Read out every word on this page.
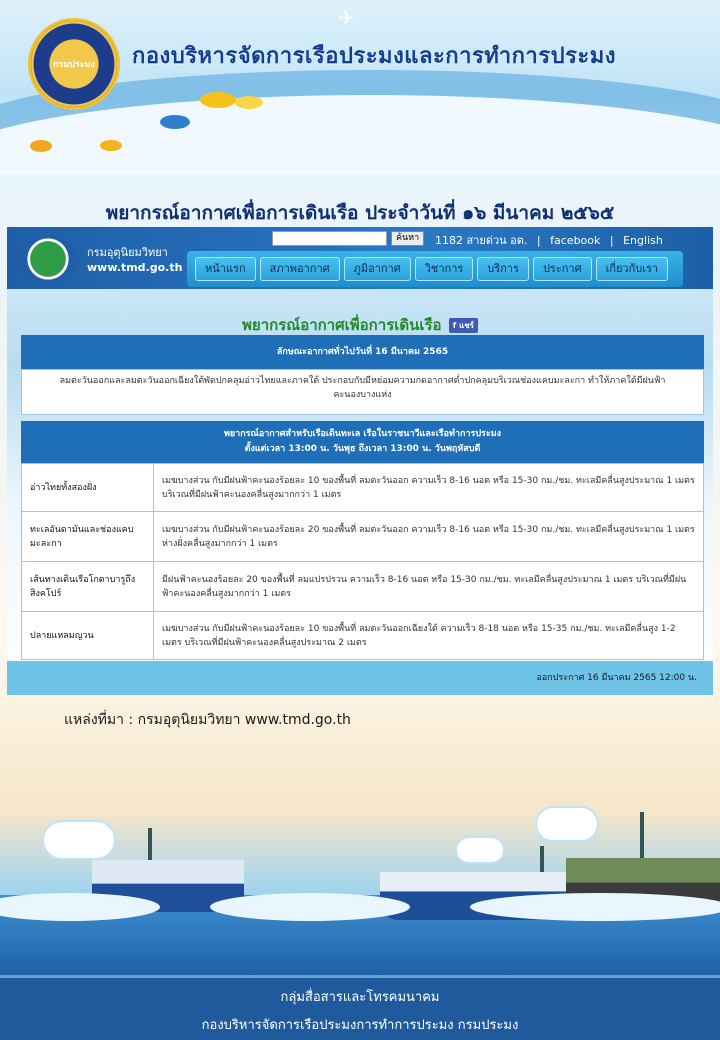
✈
กรมประมง กองบริหารจัดการเรือประมงและการทำการประมง
พยากรณ์อากาศเพื่อการเดินเรือ ประจำวันที่ ๑๖ มีนาคม ๒๕๖๕
กรมอุตุนิยมวิทยา
www.tmd.go.th
ค้นหา	1182 สายด่วน อต. | facebook | English
หน้าแรก	สภาพอากาศ	ภูมิอากาศ	วิชาการ	บริการ	ประกาศ	เกี่ยวกับเรา
พยากรณ์อากาศเพื่อการเดินเรือ f แชร์
ลักษณะอากาศทั่วไปวันที่ 16 มีนาคม 2565
ลมตะวันออกและลมตะวันออกเฉียงใต้พัดปกคลุมอ่าวไทยและภาคใต้ ประกอบกับมีหย่อมความกดอากาศต่ำปกคลุมบริเวณช่องแคบมะละกา ทำให้ภาคใต้มีฝนฟ้าคะนองบางแห่ง
พยากรณ์อากาศสำหรับเรือเดินทะเล เรือในราชนาวีและเรือทำการประมง
ตั้งแต่เวลา 13:00 น. วันพุธ ถึงเวลา 13:00 น. วันพฤหัสบดี
อ่าวไทยทั้งสองฝั่ง	เมฆบางส่วน กับมีฝนฟ้าคะนองร้อยละ 10 ของพื้นที่ ลมตะวันออก ความเร็ว 8-16 นอต หรือ 15-30 กม./ชม. ทะเลมีคลื่นสูงประมาณ 1 เมตร บริเวณที่มีฝนฟ้าคะนองคลื่นสูงมากกว่า 1 เมตร
ทะเลอันดามันและช่องแคบมะละกา	เมฆบางส่วน กับมีฝนฟ้าคะนองร้อยละ 20 ของพื้นที่ ลมตะวันออก ความเร็ว 8-16 นอต หรือ 15-30 กม./ชม. ทะเลมีคลื่นสูงประมาณ 1 เมตร ห่างฝั่งคลื่นสูงมากกว่า 1 เมตร
เส้นทางเดินเรือโกตาบารูถึงสิงคโปร์	มีฝนฟ้าคะนองร้อยละ 20 ของพื้นที่ ลมแปรปรวน ความเร็ว 8-16 นอต หรือ 15-30 กม./ชม. ทะเลมีคลื่นสูงประมาณ 1 เมตร บริเวณที่มีฝนฟ้าคะนองคลื่นสูงมากกว่า 1 เมตร
ปลายแหลมญวน	เมฆบางส่วน กับมีฝนฟ้าคะนองร้อยละ 10 ของพื้นที่ ลมตะวันออกเฉียงใต้ ความเร็ว 8-18 นอต หรือ 15-35 กม./ชม. ทะเลมีคลื่นสูง 1-2 เมตร บริเวณที่มีฝนฟ้าคะนองคลื่นสูงประมาณ 2 เมตร
ออกประกาศ 16 มีนาคม 2565 12:00 น.
แหล่งที่มา : กรมอุตุนิยมวิทยา www.tmd.go.th
กลุ่มสื่อสารและโทรคมนาคม
กองบริหารจัดการเรือประมงการทำการประมง กรมประมง
